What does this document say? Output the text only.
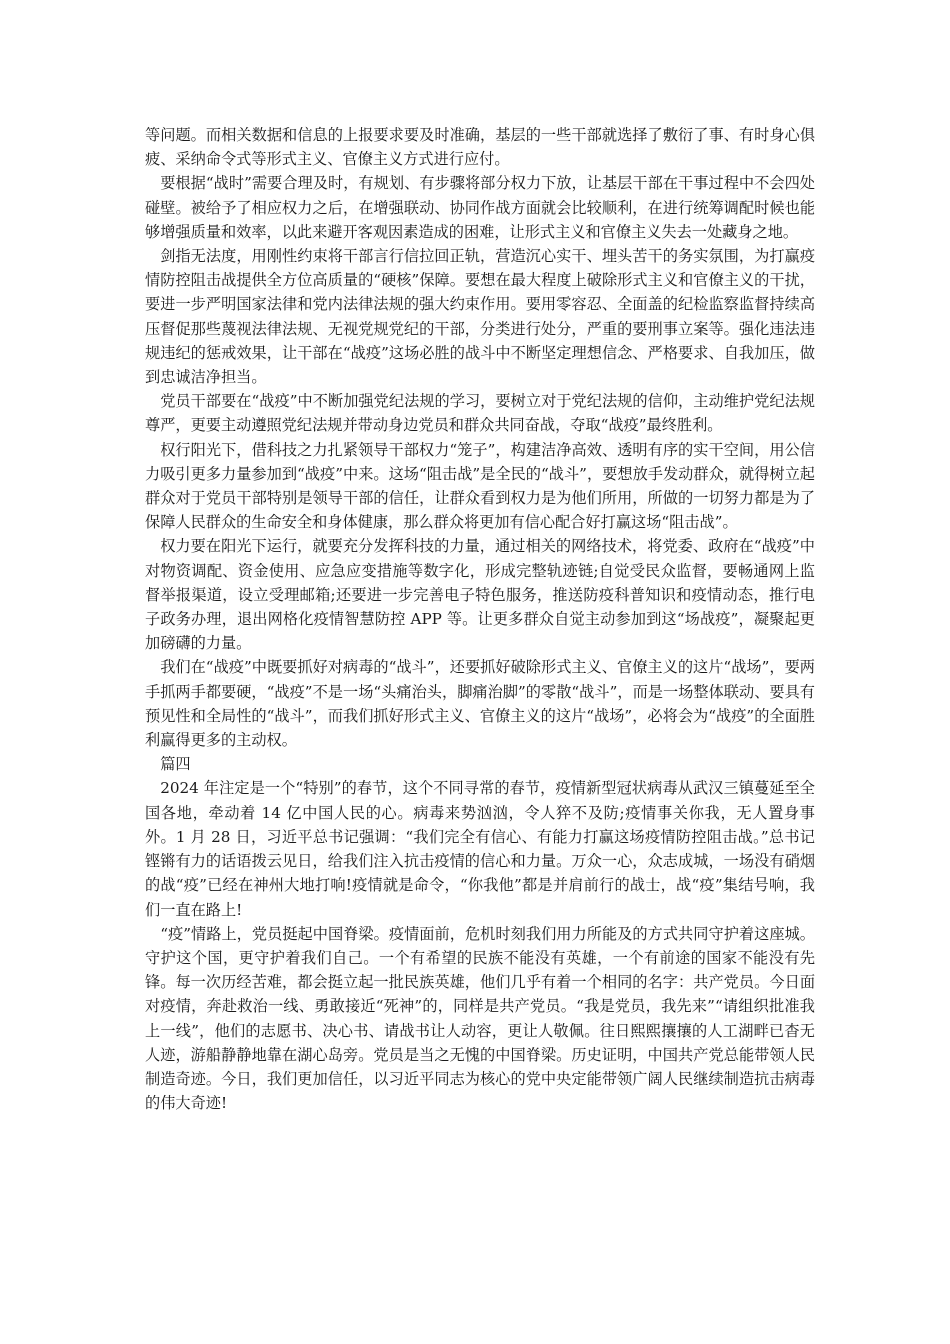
等问题。而相关数据和信息的上报要求要及时准确，基层的一些干部就选择了敷衍了事、有时身心俱疲、采纳命令式等形式主义、官僚主义方式进行应付。

要根据“战时”需要合理及时，有规划、有步骤将部分权力下放，让基层干部在干事过程中不会四处碰壁。被给予了相应权力之后，在增强联动、协同作战方面就会比较顺利，在进行统筹调配时候也能够增强质量和效率，以此来避开客观因素造成的困难，让形式主义和官僚主义失去一处藏身之地。

剑指无法度，用刚性约束将干部言行信拉回正轨，营造沉心实干、埋头苦干的务实氛围，为打赢疫情防控阻击战提供全方位高质量的“硬核”保障。要想在最大程度上破除形式主义和官僚主义的干扰，要进一步严明国家法律和党内法律法规的强大约束作用。要用零容忍、全面盖的纪检监察监督持续高压督促那些蔑视法律法规、无视党规党纪的干部，分类进行处分，严重的要刑事立案等。强化违法违规违纪的惩戒效果，让干部在“战疫”这场必胜的战斗中不断坚定理想信念、严格要求、自我加压，做到忠诚洁净担当。

党员干部要在“战疫”中不断加强党纪法规的学习，要树立对于党纪法规的信仰，主动维护党纪法规尊严，更要主动遵照党纪法规并带动身边党员和群众共同奋战，夺取“战疫”最终胜利。

权行阳光下，借科技之力扎紧领导干部权力“笼子”，构建洁净高效、透明有序的实干空间，用公信力吸引更多力量参加到“战疫”中来。这场“阻击战”是全民的“战斗”，要想放手发动群众，就得树立起群众对于党员干部特别是领导干部的信任，让群众看到权力是为他们所用，所做的一切努力都是为了保障人民群众的生命安全和身体健康，那么群众将更加有信心配合好打赢这场“阻击战”。

权力要在阳光下运行，就要充分发挥科技的力量，通过相关的网络技术，将党委、政府在“战疫”中对物资调配、资金使用、应急应变措施等数字化，形成完整轨迹链;自觉受民众监督，要畅通网上监督举报渠道，设立受理邮箱;还要进一步完善电子特色服务，推送防疫科普知识和疫情动态，推行电子政务办理，退出网格化疫情智慧防控 APP 等。让更多群众自觉主动参加到这“场战疫”，凝聚起更加磅礴的力量。

我们在“战疫”中既要抓好对病毒的“战斗”，还要抓好破除形式主义、官僚主义的这片“战场”，要两手抓两手都要硬，“战疫”不是一场“头痛治头，脚痛治脚”的零散“战斗”，而是一场整体联动、要具有预见性和全局性的“战斗”，而我们抓好形式主义、官僚主义的这片“战场”，必将会为“战疫”的全面胜利赢得更多的主动权。

篇四

2024 年注定是一个“特别”的春节，这个不同寻常的春节，疫情新型冠状病毒从武汉三镇蔓延至全国各地，牵动着 14 亿中国人民的心。病毒来势汹汹，令人猝不及防;疫情事关你我，无人置身事外。1 月 28 日，习近平总书记强调：“我们完全有信心、有能力打赢这场疫情防控阻击战。”总书记铿锵有力的话语拨云见日，给我们注入抗击疫情的信心和力量。万众一心，众志成城，一场没有硝烟的战“疫”已经在神州大地打响!疫情就是命令，“你我他”都是并肩前行的战士，战“疫”集结号响，我们一直在路上!

“疫”情路上，党员挺起中国脊梁。疫情面前，危机时刻我们用力所能及的方式共同守护着这座城。守护这个国，更守护着我们自己。一个有希望的民族不能没有英雄，一个有前途的国家不能没有先锋。每一次历经苦难，都会挺立起一批民族英雄，他们几乎有着一个相同的名字：共产党员。今日面对疫情，奔赴救治一线、勇敢接近“死神”的，同样是共产党员。“我是党员，我先来”“请组织批准我上一线”，他们的志愿书、决心书、请战书让人动容，更让人敬佩。往日熙熙攘攘的人工湖畔已杳无人迹，游船静静地靠在湖心岛旁。党员是当之无愧的中国脊梁。历史证明，中国共产党总能带领人民制造奇迹。今日，我们更加信任，以习近平同志为核心的党中央定能带领广阔人民继续制造抗击病毒的伟大奇迹!
